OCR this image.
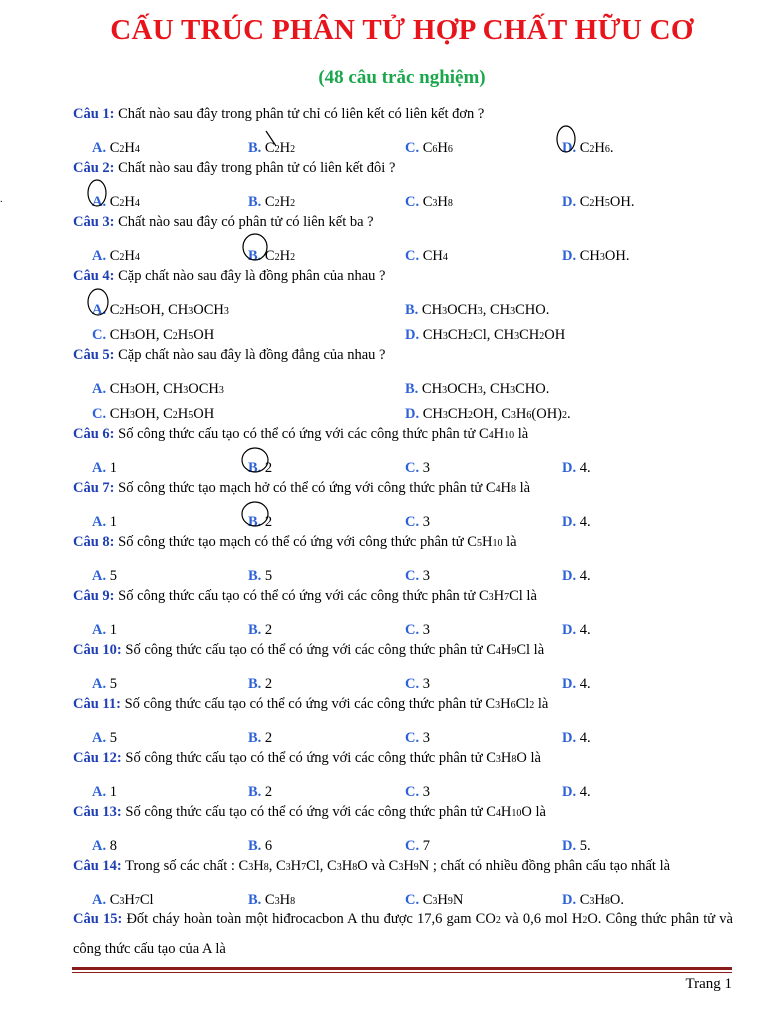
CẤU TRÚC PHÂN TỬ HỢP CHẤT HỮU CƠ
(48 câu trắc nghiệm)
.
Câu 1: Chất nào sau đây trong phân tử chỉ có liên kết có liên kết đơn ?
A. C2H4	B. C2H2	C. C6H6	D. C2H6.
Câu 2: Chất nào sau đây trong phân tử có liên kết đôi ?
A. C2H4	B. C2H2	C. C3H8	D. C2H5OH.
Câu 3: Chất nào sau đây có phân tử có liên kết ba ?
A. C2H4	B. C2H2	C. CH4	D. CH3OH.
Câu 4: Cặp chất nào sau đây là đồng phân của nhau ?
A. C2H5OH, CH3OCH3	B. CH3OCH3, CH3CHO.
C. CH3OH, C2H5OH	D. CH3CH2Cl, CH3CH2OH
Câu 5: Cặp chất nào sau đây là đồng đẳng của nhau ?
A. CH3OH, CH3OCH3	B. CH3OCH3, CH3CHO.
C. CH3OH, C2H5OH	D. CH3CH2OH, C3H6(OH)2.
Câu 6: Số công thức cấu tạo có thể có ứng với các công thức phân tử C4H10 là
A. 1	B. 2	C. 3	D. 4.
Câu 7: Số công thức tạo mạch hở có thể có ứng với công thức phân tử C4H8 là
A. 1	B. 2	C. 3	D. 4.
Câu 8: Số công thức tạo mạch có thể có ứng với công thức phân tử C5H10 là
A. 5	B. 5	C. 3	D. 4.
Câu 9: Số công thức cấu tạo có thể có ứng với các công thức phân tử C3H7Cl là
A. 1	B. 2	C. 3	D. 4.
Câu 10: Số công thức cấu tạo có thể có ứng với các công thức phân tử C4H9Cl là
A. 5	B. 2	C. 3	D. 4.
Câu 11: Số công thức cấu tạo có thể có ứng với các công thức phân tử C3H6Cl2 là
A. 5	B. 2	C. 3	D. 4.
Câu 12: Số công thức cấu tạo có thể có ứng với các công thức phân tử C3H8O là
A. 1	B. 2	C. 3	D. 4.
Câu 13: Số công thức cấu tạo có thể có ứng với các công thức phân tử C4H10O là
A. 8	B. 6	C. 7	D. 5.
Câu 14: Trong số các chất : C3H8, C3H7Cl, C3H8O và C3H9N ; chất có nhiều đồng phân cấu tạo nhất là
A. C3H7Cl	B. C3H8	C. C3H9N	D. C3H8O.
Câu 15: Đốt cháy hoàn toàn một hiđrocacbon A thu được 17,6 gam CO2 và 0,6 mol H2O. Công thức phân tử và công thức cấu tạo của A là
Trang 1
